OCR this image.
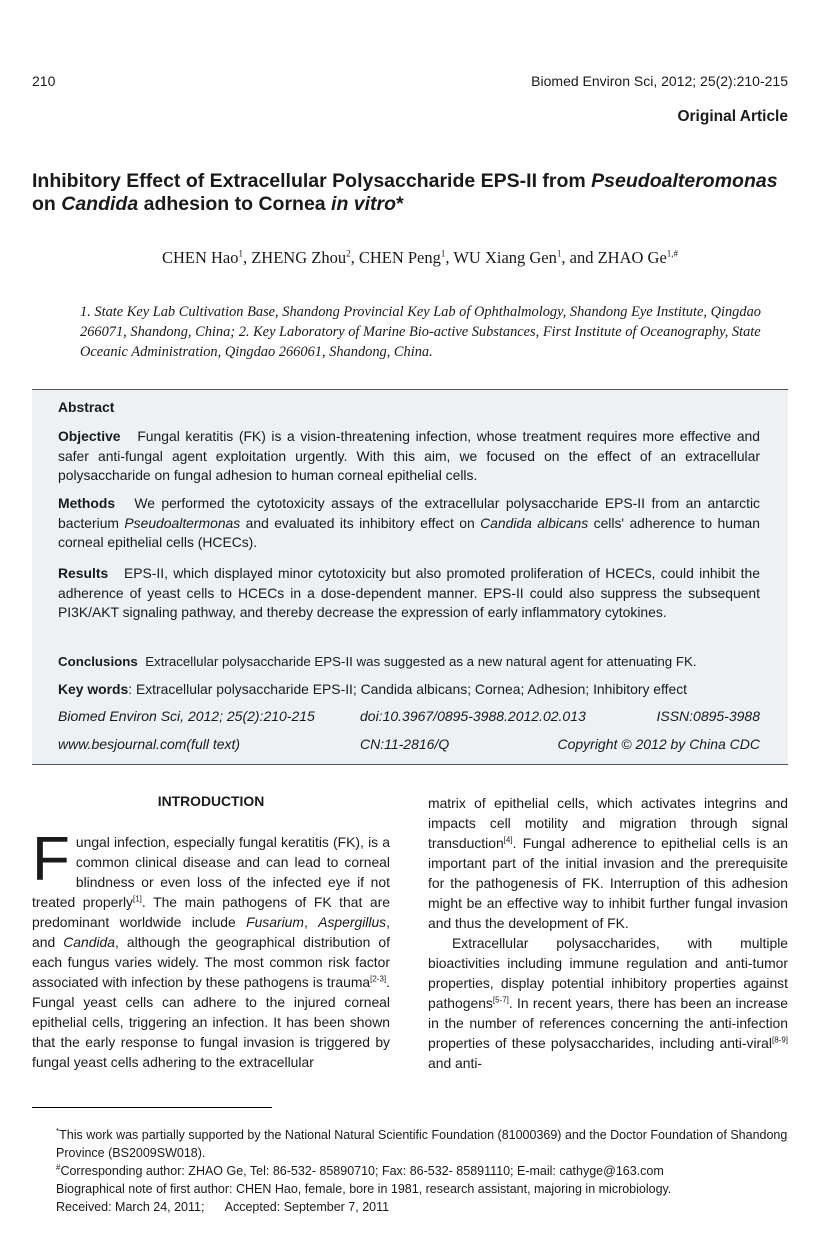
210	Biomed Environ Sci, 2012; 25(2):210-215
Original Article
Inhibitory Effect of Extracellular Polysaccharide EPS-II from Pseudoalteromonas
on Candida adhesion to Cornea in vitro*
CHEN Hao$^1$, ZHENG Zhou$^2$, CHEN Peng$^1$, WU Xiang Gen$^1$, and ZHAO $Ge^{1,\#}$
1. State Key Lab Cultivation Base, Shandong Provincial Key Lab of Ophthalmology, Shandong Eye Institute, Qingdao 266071, Shandong, China; 2. Key Laboratory of Marine Bio-active Substances, First Institute of Oceanography, State Oceanic Administration, Qingdao 266061, Shandong, China.
Abstract
Objective Fungal keratitis (FK) is a vision-threatening infection, whose treatment requires more effective and safer anti-fungal agent exploitation urgently. With this aim, we focused on the effect of an extracellular polysaccharide on fungal adhesion to human corneal epithelial cells.
Methods We performed the cytotoxicity assays of the extracellular polysaccharide EPS-II from an antarctic bacterium Pseudoaltermonas and evaluated its inhibitory effect on Candida albicans cells' adherence to human corneal epithelial cells (HCECs).
Results EPS-II, which displayed minor cytotoxicity but also promoted proliferation of HCECs, could inhibit the adherence of yeast cells to HCECs in a dose-dependent manner. EPS-II could also suppress the subsequent PI3K/AKT signaling pathway, and thereby decrease the expression of early inflammatory cytokines.
Conclusions Extracellular polysaccharide EPS-II was suggested as a new natural agent for attenuating FK.
Key words: Extracellular polysaccharide EPS-II; Candida albicans; Cornea; Adhesion; Inhibitory effect
Biomed Environ Sci, 2012; 25(2):210-215	doi:10.3967/0895-3988.2012.02.013	ISSN:0895-3988
www.besjournal.com(full text)	CN:11-2816/Q	Copyright © 2012 by China CDC
INTRODUCTION

Fungal infection, especially fungal keratitis (FK), is a common clinical disease and can lead to corneal blindness or even loss of the infected eye if not treated properly[1]. The main pathogens of FK that are predominant worldwide include Fusarium, Aspergillus, and Candida, although the geographical distribution of each fungus varies widely. The most common risk factor associated with infection by these pathogens is trauma[2-3]. Fungal yeast cells can adhere to the injured corneal epithelial cells, triggering an infection. It has been shown that the early response to fungal invasion is triggered by fungal yeast cells adhering to the extracellular

matrix of epithelial cells, which activates integrins and impacts cell motility and migration through signal transduction[4]. Fungal adherence to epithelial cells is an important part of the initial invasion and the prerequisite for the pathogenesis of FK. Interruption of this adhesion might be an effective way to inhibit further fungal invasion and thus the development of FK.

Extracellular polysaccharides, with multiple bioactivities including immune regulation and anti-tumor properties, display potential inhibitory properties against pathogens[5-7]. In recent years, there has been an increase in the number of references concerning the anti-infection properties of these polysaccharides, including anti-viral[8-9] and anti-

*This work was partially supported by the National Natural Scientific Foundation (81000369) and the Doctor Foundation of Shandong Province (BS2009SW018).

#Corresponding author: ZHAO Ge, Tel: 86-532- 85890710; Fax: 86-532- 85891110; E-mail: cathyge@163.com

Biographical note of first author: CHEN Hao, female, bore in 1981, research assistant, majoring in microbiology.

Received: March 24, 2011; Accepted: September 7, 2011
